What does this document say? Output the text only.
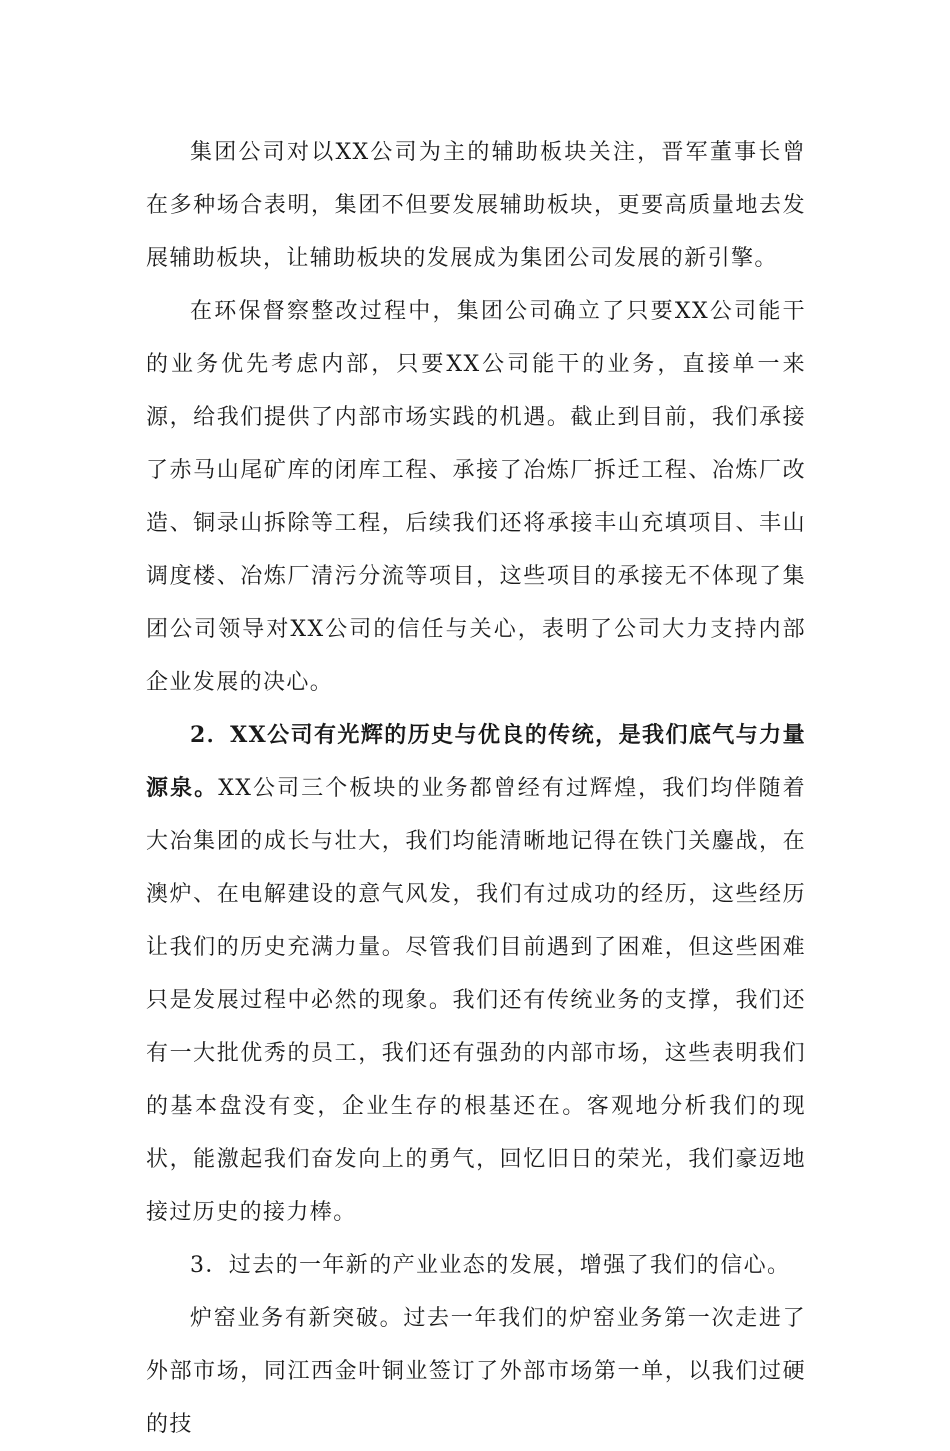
集团公司对以XX公司为主的辅助板块关注，晋军董事长曾在多种场合表明，集团不但要发展辅助板块，更要高质量地去发展辅助板块，让辅助板块的发展成为集团公司发展的新引擎。

在环保督察整改过程中，集团公司确立了只要XX公司能干的业务优先考虑内部，只要XX公司能干的业务，直接单一来源，给我们提供了内部市场实践的机遇。截止到目前，我们承接了赤马山尾矿库的闭库工程、承接了冶炼厂拆迁工程、冶炼厂改造、铜录山拆除等工程，后续我们还将承接丰山充填项目、丰山调度楼、冶炼厂清污分流等项目，这些项目的承接无不体现了集团公司领导对XX公司的信任与关心，表明了公司大力支持内部企业发展的决心。

2．XX公司有光辉的历史与优良的传统，是我们底气与力量源泉。XX公司三个板块的业务都曾经有过辉煌，我们均伴随着大冶集团的成长与壮大，我们均能清晰地记得在铁门关鏖战，在澳炉、在电解建设的意气风发，我们有过成功的经历，这些经历让我们的历史充满力量。尽管我们目前遇到了困难，但这些困难只是发展过程中必然的现象。我们还有传统业务的支撑，我们还有一大批优秀的员工，我们还有强劲的内部市场，这些表明我们的基本盘没有变，企业生存的根基还在。客观地分析我们的现状，能激起我们奋发向上的勇气，回忆旧日的荣光，我们豪迈地接过历史的接力棒。

3．过去的一年新的产业业态的发展，增强了我们的信心。

炉窑业务有新突破。过去一年我们的炉窑业务第一次走进了外部市场，同江西金叶铜业签订了外部市场第一单，以我们过硬的技
